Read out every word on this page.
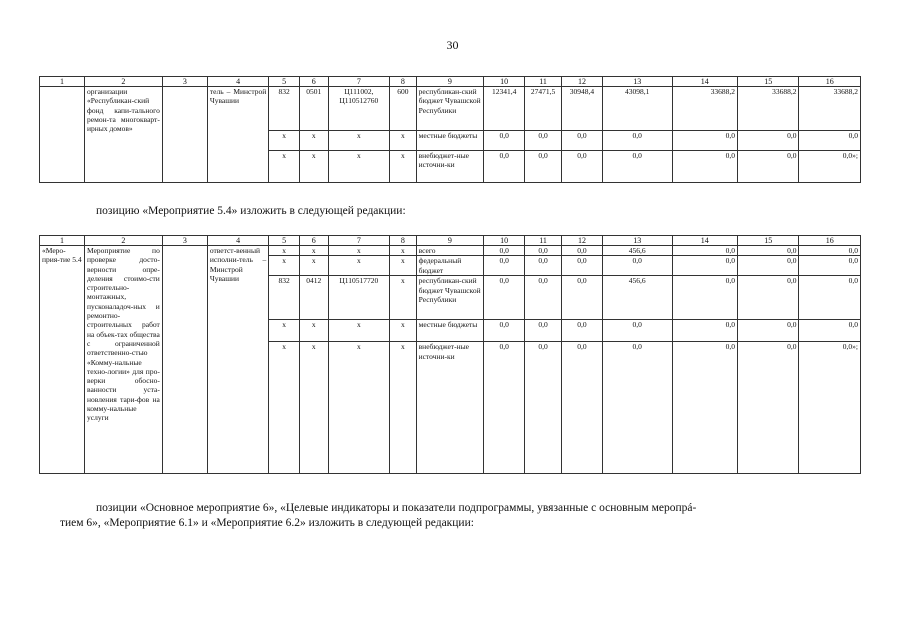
30
1	2	3	4	5	6	7	8	9	10	11	12	13	14	15	16
	организации «Республикан-ский фонд капи-тального ремон-та многокварт-ирных домов»		тель – Минстрой Чувашии	832	0501	Ц111002, Ц110512760	600	республикан-ский бюджет Чувашской Республики	12341,4	27471,5	30948,4	43098,1	33688,2	33688,2	33688,2
				x	x	x	x	местные бюджеты	0,0	0,0	0,0	0,0	0,0	0,0	0,0
				x	x	x	x	внебюджет-ные источни-ки	0,0	0,0	0,0	0,0	0,0	0,0	0,0»;
позицию «Мероприятие 5.4» изложить в следующей редакции:
1	2	3	4	5	6	7	8	9	10	11	12	13	14	15	16
«Меро-прия-тие 5.4	Мероприятие по проверке досто-верности опре-деления стоимо-сти строительно-монтажных, пусконаладоч-ных и ремонтно-строительных работ на объек-тах общества с ограниченной ответственно-стью «Комму-нальные техно-логии» для про-верки обосно-ванности уста-новления тари-фов на комму-нальные услуги		ответст-венный исполни-тель – Минстрой Чувашии	x	x	x	x	всего	0,0	0,0	0,0	456,6	0,0	0,0	0,0
				x	x	x	x	федеральный бюджет	0,0	0,0	0,0	0,0	0,0	0,0	0,0
				832	0412	Ц110517720	x	республикан-ский бюджет Чувашской Республики	0,0	0,0	0,0	456,6	0,0	0,0	0,0
				x	x	x	x	местные бюджеты	0,0	0,0	0,0	0,0	0,0	0,0	0,0
				x	x	x	x	внебюджет-ные источни-ки	0,0	0,0	0,0	0,0	0,0	0,0	0,0»;
позиции «Основное мероприятие 6», «Целевые индикаторы и показатели подпрограммы, увязанные с основным меропрá-
тием 6», «Мероприятие 6.1» и «Мероприятие 6.2» изложить в следующей редакции:
